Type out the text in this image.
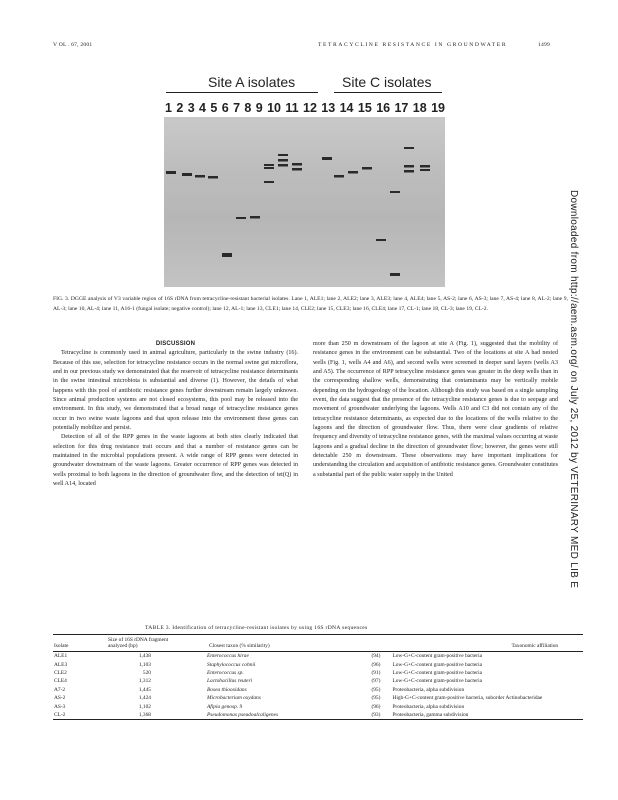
V OL . 67, 2001	TETRACYCLINE RESISTANCE IN GROUNDWATER	1499
Site A isolates	Site C isolates
1 2 3 4 5 6 7 8 9 10 11 12 13 14 15 16 17 18 19
FIG. 3. DGGE analysis of V3 variable region of 16S rDNA from tetracycline-resistant bacterial isolates. Lane 1, ALE1; lane 2, ALE2; lane 3, ALE3; lane 4, ALE4; lane 5, AS-2; lane 6, AS-3; lane 7, AS-4; lane 8, AL-2; lane 9, AL-3; lane 10, AL-4; lane 11, A16-1 (fungal isolate; negative control); lane 12, AL-1; lane 13, CLE1; lane 14, CLE2; lane 15, CLE3; lane 16, CLE4; lane 17, CL-1; lane 18, CL-3; lane 19, CL-2.
DISCUSSION

Tetracycline is commonly used in animal agriculture, particularly in the swine industry (16). Because of this use, selection for tetracycline resistance occurs in the normal swine gut microflora, and in our previous study we demonstrated that the reservoir of tetracycline resistance determinants in the swine intestinal microbiota is substantial and diverse (1). However, the details of what happens with this pool of antibiotic resistance genes further downstream remain largely unknown. Since animal production systems are not closed ecosystems, this pool may be released into the environment. In this study, we demonstrated that a broad range of tetracycline resistance genes occur in two swine waste lagoons and that upon release into the environment these genes can potentially mobilize and persist.

Detection of all of the RPP genes in the waste lagoons at both sites clearly indicated that selection for this drug resistance trait occurs and that a number of resistance genes can be maintained in the microbial populations present. A wide range of RPP genes were detected in groundwater downstream of the waste lagoons. Greater occurrence of RPP genes was detected in wells proximal to both lagoons in the direction of groundwater flow, and the detection of tet(Q) in well A14, located

more than 250 m downstream of the lagoon at site A (Fig. 1), suggested that the mobility of resistance genes in the environment can be substantial. Two of the locations at site A had nested wells (Fig. 1, wells A4 and A6), and second wells were screened in deeper sand layers (wells A3 and A5). The occurrence of RPP tetracycline resistance genes was greater in the deep wells than in the corresponding shallow wells, demonstrating that contaminants may be vertically mobile depending on the hydrogeology of the location. Although this study was based on a single sampling event, the data suggest that the presence of the tetracycline resistance genes is due to seepage and movement of groundwater underlying the lagoons. Wells A10 and C3 did not contain any of the tetracycline resistance determinants, as expected due to the locations of the wells relative to the lagoons and the direction of groundwater flow. Thus, there were clear gradients of relative frequency and diversity of tetracycline resistance genes, with the maximal values occurring at waste lagoons and a gradual decline in the direction of groundwater flow; however, the genes were still detectable 250 m downstream. These observations may have important implications for understanding the circulation and acquisition of antibiotic resistance genes. Groundwater constitutes a substantial part of the public water supply in the United	Downloaded from http://aem.asm.org/ on July 25, 2012 by VETERINARY MED LIB E
TABLE 3. Identification of tetracycline-resistant isolates by using 16S rDNA sequences
Isolate	Size of 16S rDNA fragment analyzed (bp)	Closest taxon (% similarity)		Taxonomic affiliation
ALE1	1,438	Enterococcus hirae	(94)	Low-G+C-content gram-positive bacteria
ALE3	1,103	Staphylococcus cohnii	(96)	Low-G+C-content gram-positive bacteria
CLE2	520	Enterococcus sp.	(91)	Low-G+C-content gram-positive bacteria
CLE4	1,312	Lactobacillus reuteri	(97)	Low-G+C-content gram-positive bacteria
A7-2	1,445	Bosea thiooxidans	(95)	Proteobacteria, alpha subdivision
AS-2	1,424	Microbacterium oxydans	(95)	High-G+C-content gram-positive bacteria, suborder Actinobacteridae
AS-3	1,102	Afipia genosp. 9	(96)	Proteobacteria, alpha subdivision
CL-2	1,368	Pseudomonas pseudoalcaligenes	(93)	Proteobacteria, gamma subdivision
